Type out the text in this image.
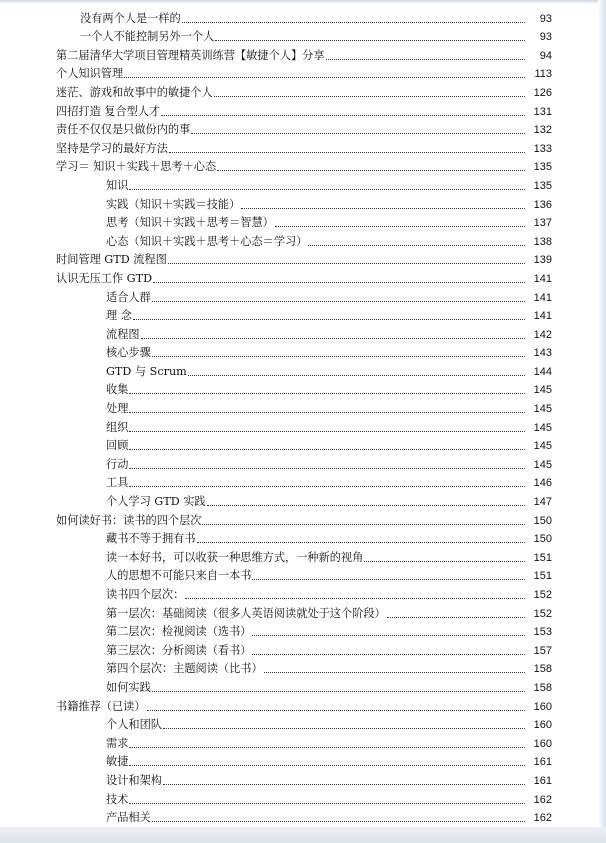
没有两个人是一样的	93
一个人不能控制另外一个人	93
第二届清华大学项目管理精英训练营【敏捷个人】分享	94
个人知识管理	113
迷茫、游戏和故事中的敏捷个人	126
四招打造 复合型人才	131
责任不仅仅是只做份内的事	132
坚持是学习的最好方法	133
学习＝ 知识＋实践＋思考＋心态	135
知识	135
实践（知识＋实践＝技能）	136
思考（知识＋实践＋思考＝智慧）	137
心态（知识＋实践＋思考＋心态＝学习）	138
时间管理 GTD 流程图	139
认识无压工作 GTD	141
适合人群	141
理 念	141
流程图	142
核心步骤	143
GTD 与 Scrum	144
收集	145
处理	145
组织	145
回顾	145
行动	145
工具	146
个人学习 GTD 实践	147
如何读好书：读书的四个层次	150
藏书不等于拥有书	150
读一本好书，可以收获一种思维方式，一种新的视角	151
人的思想不可能只来自一本书	151
读书四个层次：	152
第一层次：基础阅读（很多人英语阅读就处于这个阶段）	152
第二层次：检视阅读（选书）	153
第三层次：分析阅读（看书）	157
第四个层次：主题阅读（比书）	158
如何实践	158
书籍推荐（已读）	160
个人和团队	160
需求	160
敏捷	161
设计和架构	161
技术	162
产品相关	162
